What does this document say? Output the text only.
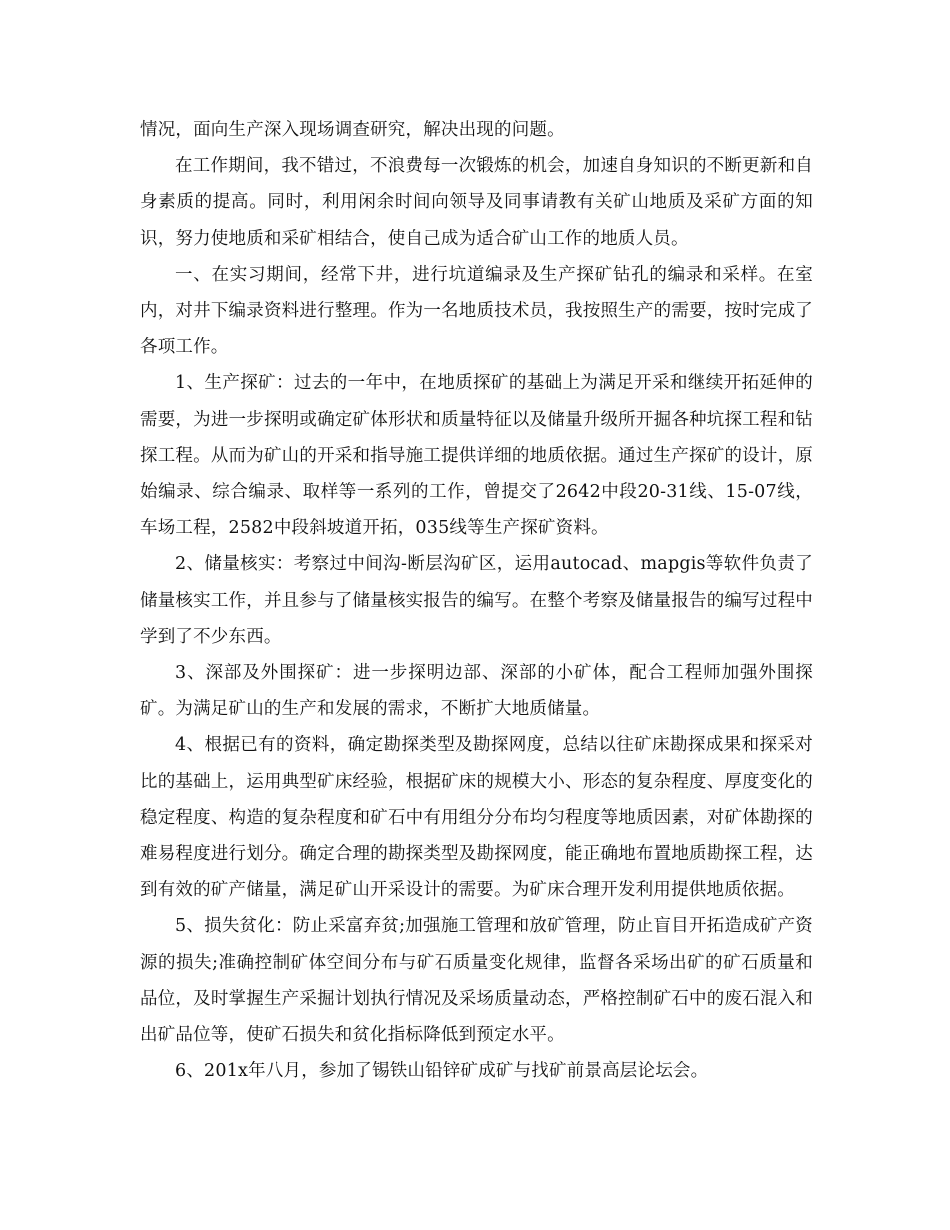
情况，面向生产深入现场调查研究，解决出现的问题。

在工作期间，我不错过，不浪费每一次锻炼的机会，加速自身知识的不断更新和自身素质的提高。同时，利用闲余时间向领导及同事请教有关矿山地质及采矿方面的知识，努力使地质和采矿相结合，使自己成为适合矿山工作的地质人员。

一、在实习期间，经常下井，进行坑道编录及生产探矿钻孔的编录和采样。在室内，对井下编录资料进行整理。作为一名地质技术员，我按照生产的需要，按时完成了各项工作。

1、生产探矿：过去的一年中，在地质探矿的基础上为满足开采和继续开拓延伸的需要，为进一步探明或确定矿体形状和质量特征以及储量升级所开掘各种坑探工程和钻探工程。从而为矿山的开采和指导施工提供详细的地质依据。通过生产探矿的设计，原始编录、综合编录、取样等一系列的工作，曾提交了2642中段20-31线、15-07线，车场工程，2582中段斜坡道开拓，035线等生产探矿资料。

2、储量核实：考察过中间沟-断层沟矿区，运用autocad、mapgis等软件负责了储量核实工作，并且参与了储量核实报告的编写。在整个考察及储量报告的编写过程中学到了不少东西。

3、深部及外围探矿：进一步探明边部、深部的小矿体，配合工程师加强外围探矿。为满足矿山的生产和发展的需求，不断扩大地质储量。

4、根据已有的资料，确定勘探类型及勘探网度，总结以往矿床勘探成果和探采对比的基础上，运用典型矿床经验，根据矿床的规模大小、形态的复杂程度、厚度变化的稳定程度、构造的复杂程度和矿石中有用组分分布均匀程度等地质因素，对矿体勘探的难易程度进行划分。确定合理的勘探类型及勘探网度，能正确地布置地质勘探工程，达到有效的矿产储量，满足矿山开采设计的需要。为矿床合理开发利用提供地质依据。

5、损失贫化：防止采富弃贫;加强施工管理和放矿管理，防止盲目开拓造成矿产资源的损失;准确控制矿体空间分布与矿石质量变化规律，监督各采场出矿的矿石质量和品位，及时掌握生产采掘计划执行情况及采场质量动态，严格控制矿石中的废石混入和出矿品位等，使矿石损失和贫化指标降低到预定水平。

6、201x年八月，参加了锡铁山铅锌矿成矿与找矿前景高层论坛会。
